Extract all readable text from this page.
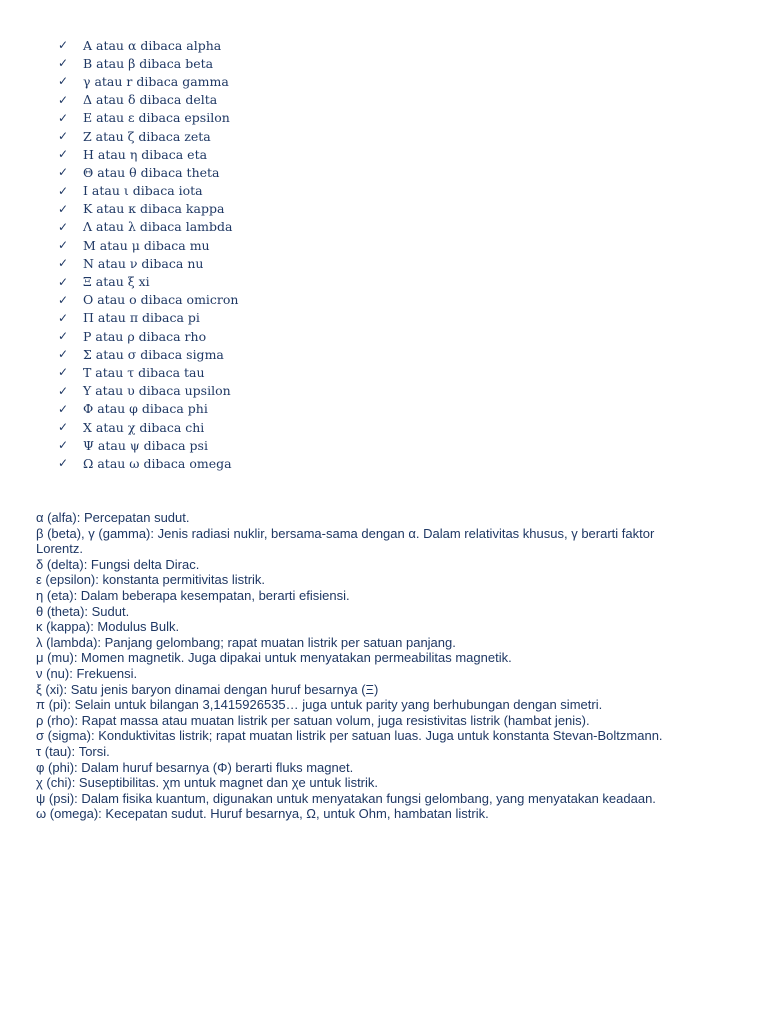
✓	A atau α dibaca alpha
✓	B atau β dibaca beta
✓	γ atau r dibaca gamma
✓	Δ atau δ dibaca delta
✓	E atau ε dibaca epsilon
✓	Z atau ζ dibaca zeta
✓	H atau η dibaca eta
✓	Θ atau θ dibaca theta
✓	I atau ι dibaca iota
✓	K atau κ dibaca kappa
✓	Λ atau λ dibaca lambda
✓	M atau μ dibaca mu
✓	N atau ν dibaca nu
✓	Ξ atau ξ xi
✓	O atau o dibaca omicron
✓	Π atau π dibaca pi
✓	P atau ρ dibaca rho
✓	Σ atau σ dibaca sigma
✓	T atau τ dibaca tau
✓	Y atau υ dibaca upsilon
✓	Φ atau φ dibaca phi
✓	X atau χ dibaca chi
✓	Ψ atau ψ dibaca psi
✓	Ω atau ω dibaca omega

α (alfa): Percepatan sudut.

β (beta), γ (gamma): Jenis radiasi nuklir, bersama-sama dengan α. Dalam relativitas khusus, γ berarti faktor

Lorentz.

δ (delta): Fungsi delta Dirac.

ε (epsilon): konstanta permitivitas listrik.

η (eta): Dalam beberapa kesempatan, berarti efisiensi.

θ (theta): Sudut.

κ (kappa): Modulus Bulk.

λ (lambda): Panjang gelombang; rapat muatan listrik per satuan panjang.

μ (mu): Momen magnetik. Juga dipakai untuk menyatakan permeabilitas magnetik.

ν (nu): Frekuensi.

ξ (xi): Satu jenis baryon dinamai dengan huruf besarnya (Ξ)

π (pi): Selain untuk bilangan 3,1415926535… juga untuk parity yang berhubungan dengan simetri.

ρ (rho): Rapat massa atau muatan listrik per satuan volum, juga resistivitas listrik (hambat jenis).

σ (sigma): Konduktivitas listrik; rapat muatan listrik per satuan luas. Juga untuk konstanta Stevan-Boltzmann.

τ (tau): Torsi.

φ (phi): Dalam huruf besarnya (Φ) berarti fluks magnet.

χ (chi): Suseptibilitas. χm untuk magnet dan χe untuk listrik.

ψ (psi): Dalam fisika kuantum, digunakan untuk menyatakan fungsi gelombang, yang menyatakan keadaan.

ω (omega): Kecepatan sudut. Huruf besarnya, Ω, untuk Ohm, hambatan listrik.
